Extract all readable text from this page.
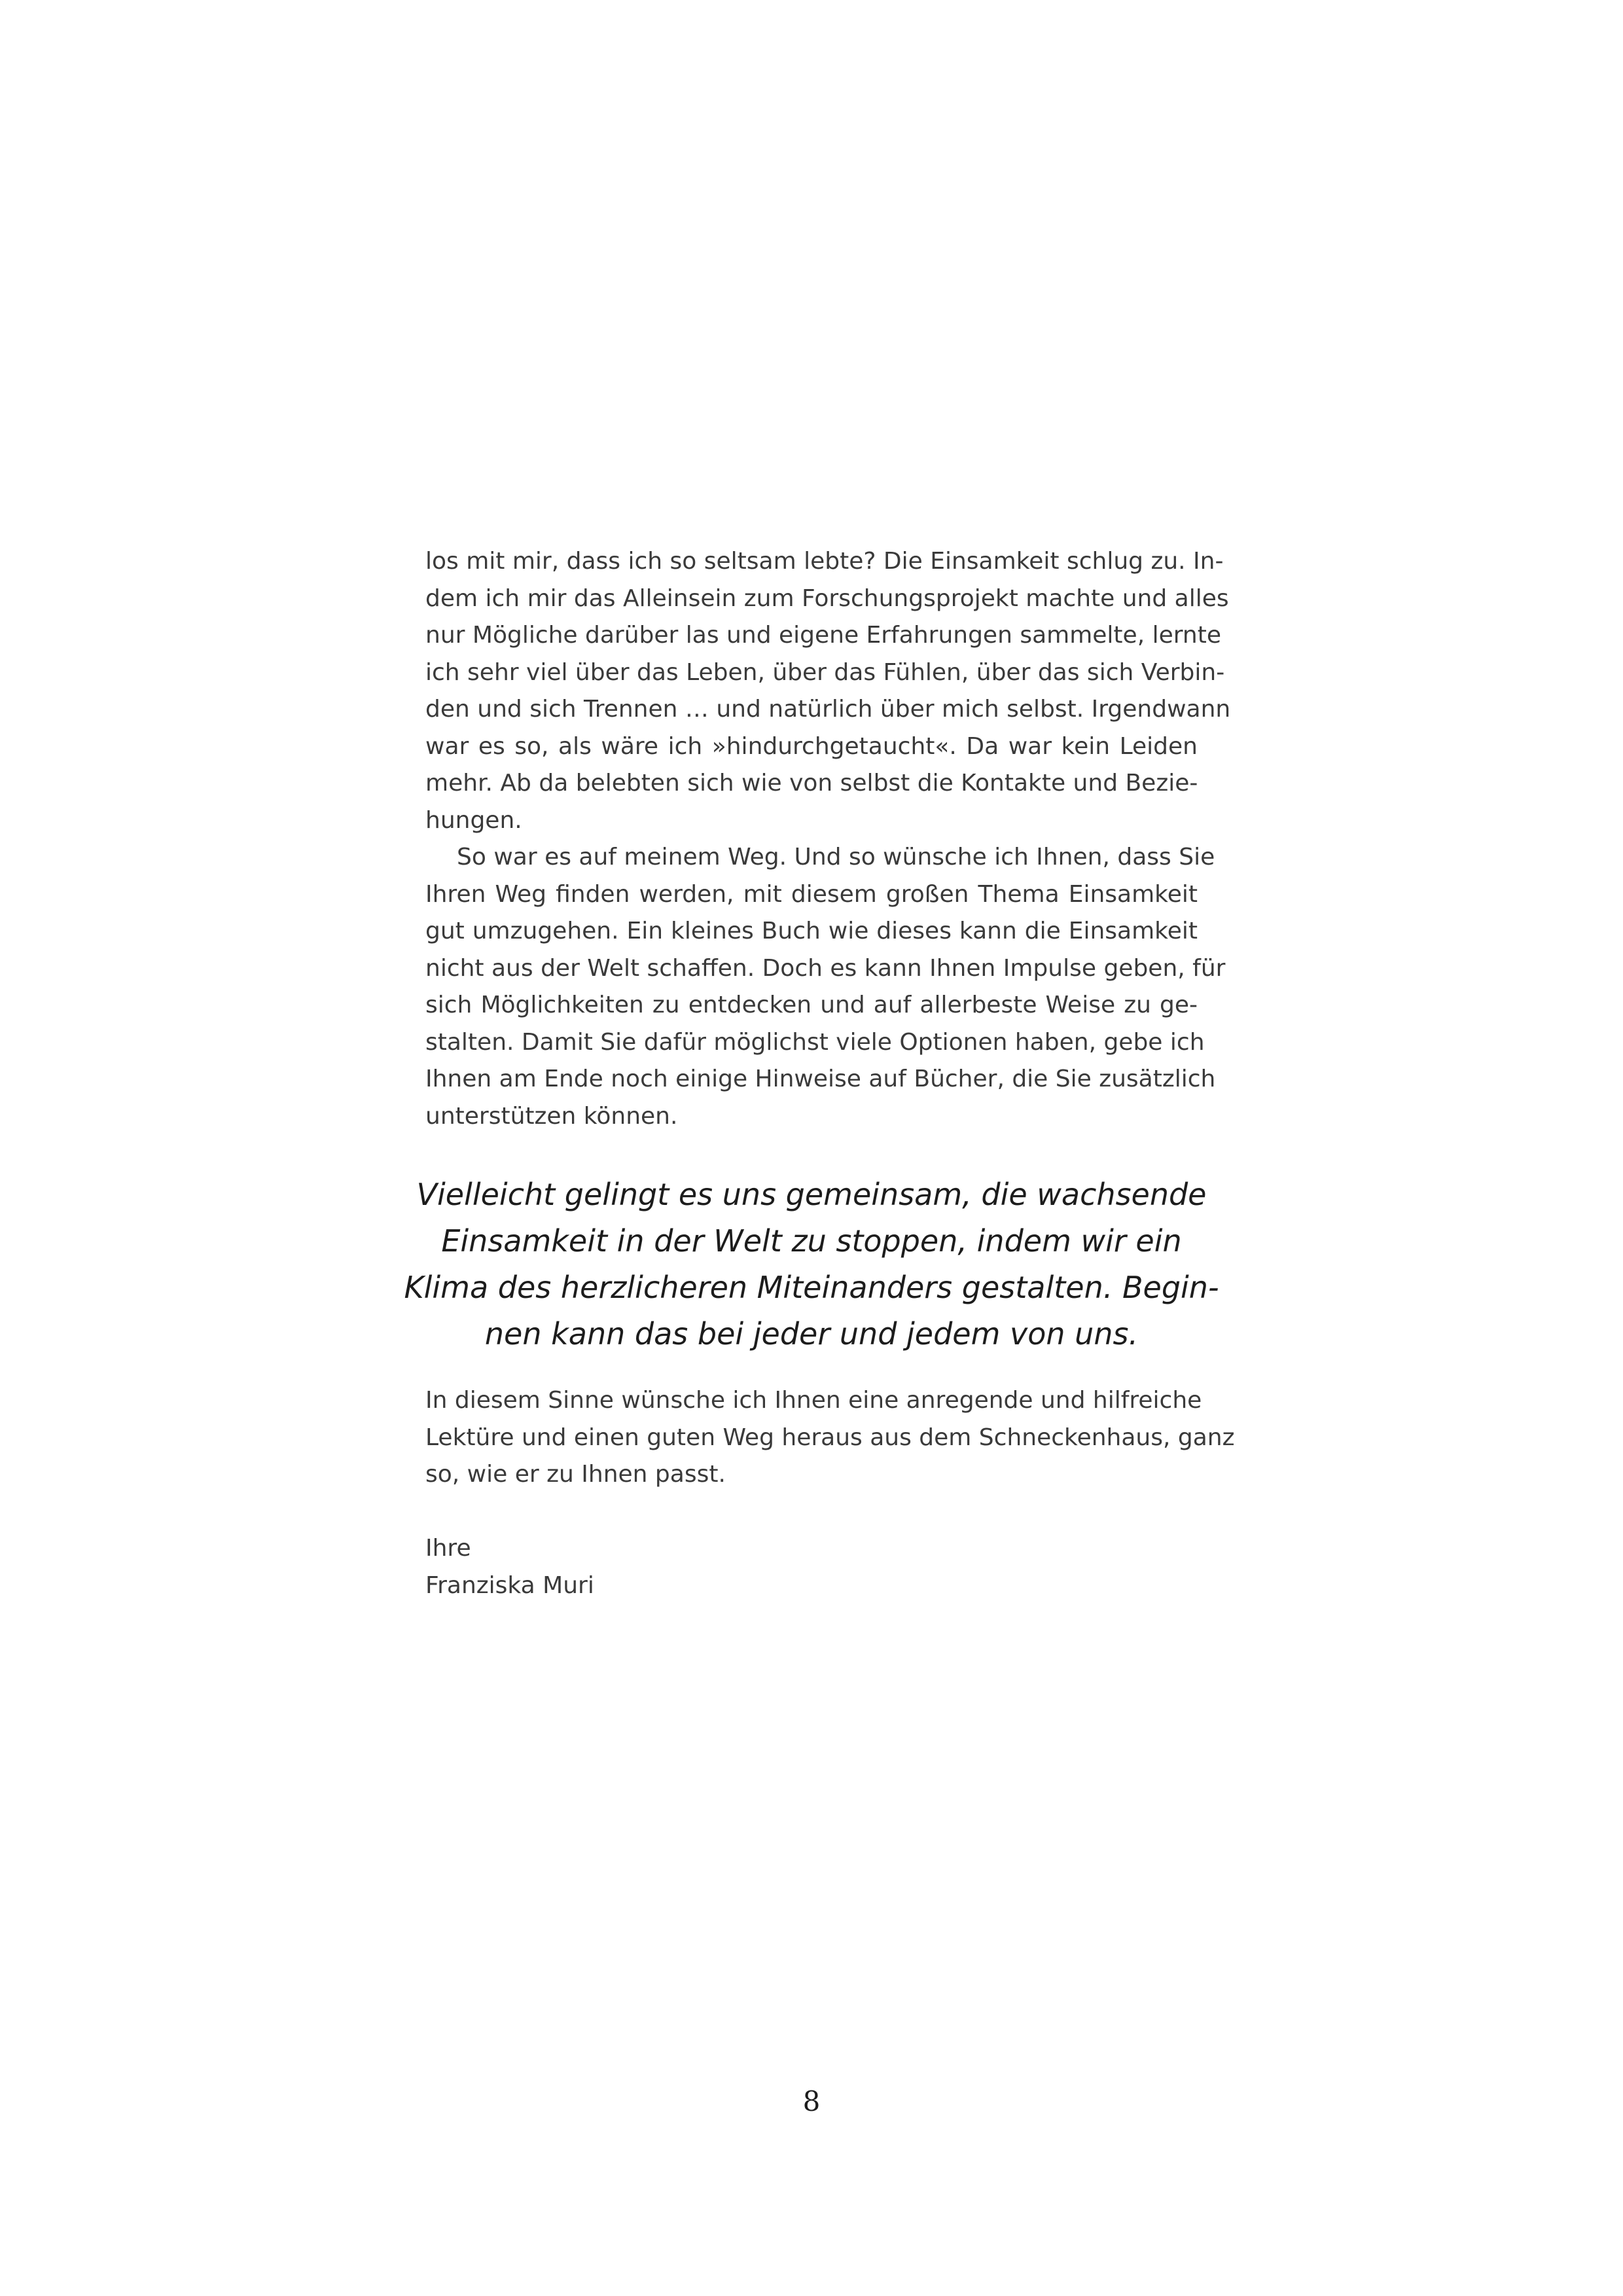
los mit mir, dass ich so seltsam lebte? Die Einsamkeit schlug zu. In-
dem ich mir das Alleinsein zum Forschungsprojekt machte und alles
nur Mögliche darüber las und eigene Erfahrungen sammelte, lernte
ich sehr viel über das Leben, über das Fühlen, über das sich Verbin-
den und sich Trennen … und natürlich über mich selbst. Irgendwann
war es so, als wäre ich »hindurchgetaucht«. Da war kein Leiden
mehr. Ab da belebten sich wie von selbst die Kontakte und Bezie-
hungen.

So war es auf meinem Weg. Und so wünsche ich Ihnen, dass Sie
Ihren Weg finden werden, mit diesem großen Thema Einsamkeit
gut umzugehen. Ein kleines Buch wie dieses kann die Einsamkeit
nicht aus der Welt schaffen. Doch es kann Ihnen Impulse geben, für
sich Möglichkeiten zu entdecken und auf allerbeste Weise zu ge-
stalten. Damit Sie dafür möglichst viele Optionen haben, gebe ich
Ihnen am Ende noch einige Hinweise auf Bücher, die Sie zusätzlich
unterstützen können.

Vielleicht gelingt es uns gemeinsam, die wachsende
Einsamkeit in der Welt zu stoppen, indem wir ein
Klima des herzlicheren Miteinanders gestalten. Begin-
nen kann das bei jeder und jedem von uns.
In diesem Sinne wünsche ich Ihnen eine anregende und hilfreiche
Lektüre und einen guten Weg heraus aus dem Schneckenhaus, ganz
so, wie er zu Ihnen passt.
Ihre
Franziska Muri
8
